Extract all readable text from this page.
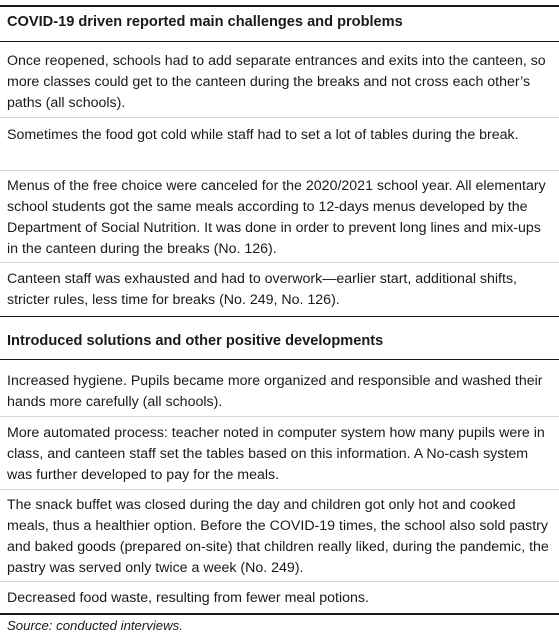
COVID-19 driven reported main challenges and problems
Once reopened, schools had to add separate entrances and exits into the canteen, so more classes could get to the canteen during the breaks and not cross each other’s paths (all schools).
Sometimes the food got cold while staff had to set a lot of tables during the break.
Menus of the free choice were canceled for the 2020/2021 school year. All elementary school students got the same meals according to 12-days menus developed by the Department of Social Nutrition. It was done in order to prevent long lines and mix-ups in the canteen during the breaks (No. 126).
Canteen staff was exhausted and had to overwork—earlier start, additional shifts, stricter rules, less time for breaks (No. 249, No. 126).
Introduced solutions and other positive developments
Increased hygiene. Pupils became more organized and responsible and washed their hands more carefully (all schools).
More automated process: teacher noted in computer system how many pupils were in class, and canteen staff set the tables based on this information. A No-cash system was further developed to pay for the meals.
The snack buffet was closed during the day and children got only hot and cooked meals, thus a healthier option. Before the COVID-19 times, the school also sold pastry and baked goods (prepared on-site) that children really liked, during the pandemic, the pastry was served only twice a week (No. 249).
Decreased food waste, resulting from fewer meal potions.
Source: conducted interviews.
